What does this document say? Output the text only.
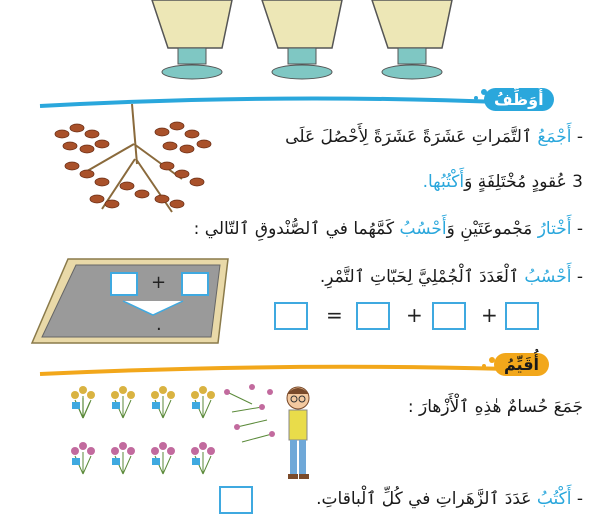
أُوَظِّفُ
- أَجْمَعُ ٱلتَّمَراتِ عَشَرَةً عَشَرَةً لِأَحْصُلَ عَلَى
3 عُقودٍ مُخْتَلِفَةٍ وَأَكْتُبُها.
- أَخْتارُ مَجْموعَتَيْنِ وَأَحْسُبُ كَمَّهُما في ٱلصُّنْدوقِ ٱلتّالي :
- أَحْسُبُ ٱلْعَدَدَ ٱلْجُمْلِيَّ لِحَبّاتِ ٱلتَّمْرِ.
+
.	=	+	+
أُقَيِّمُ
جَمَعَ حُسامٌ هٰذِهِ ٱلْأَزْهارَ :
- أَكْتُبُ عَدَدَ ٱلزَّهَراتِ في كُلِّ ٱلْباقاتِ.
